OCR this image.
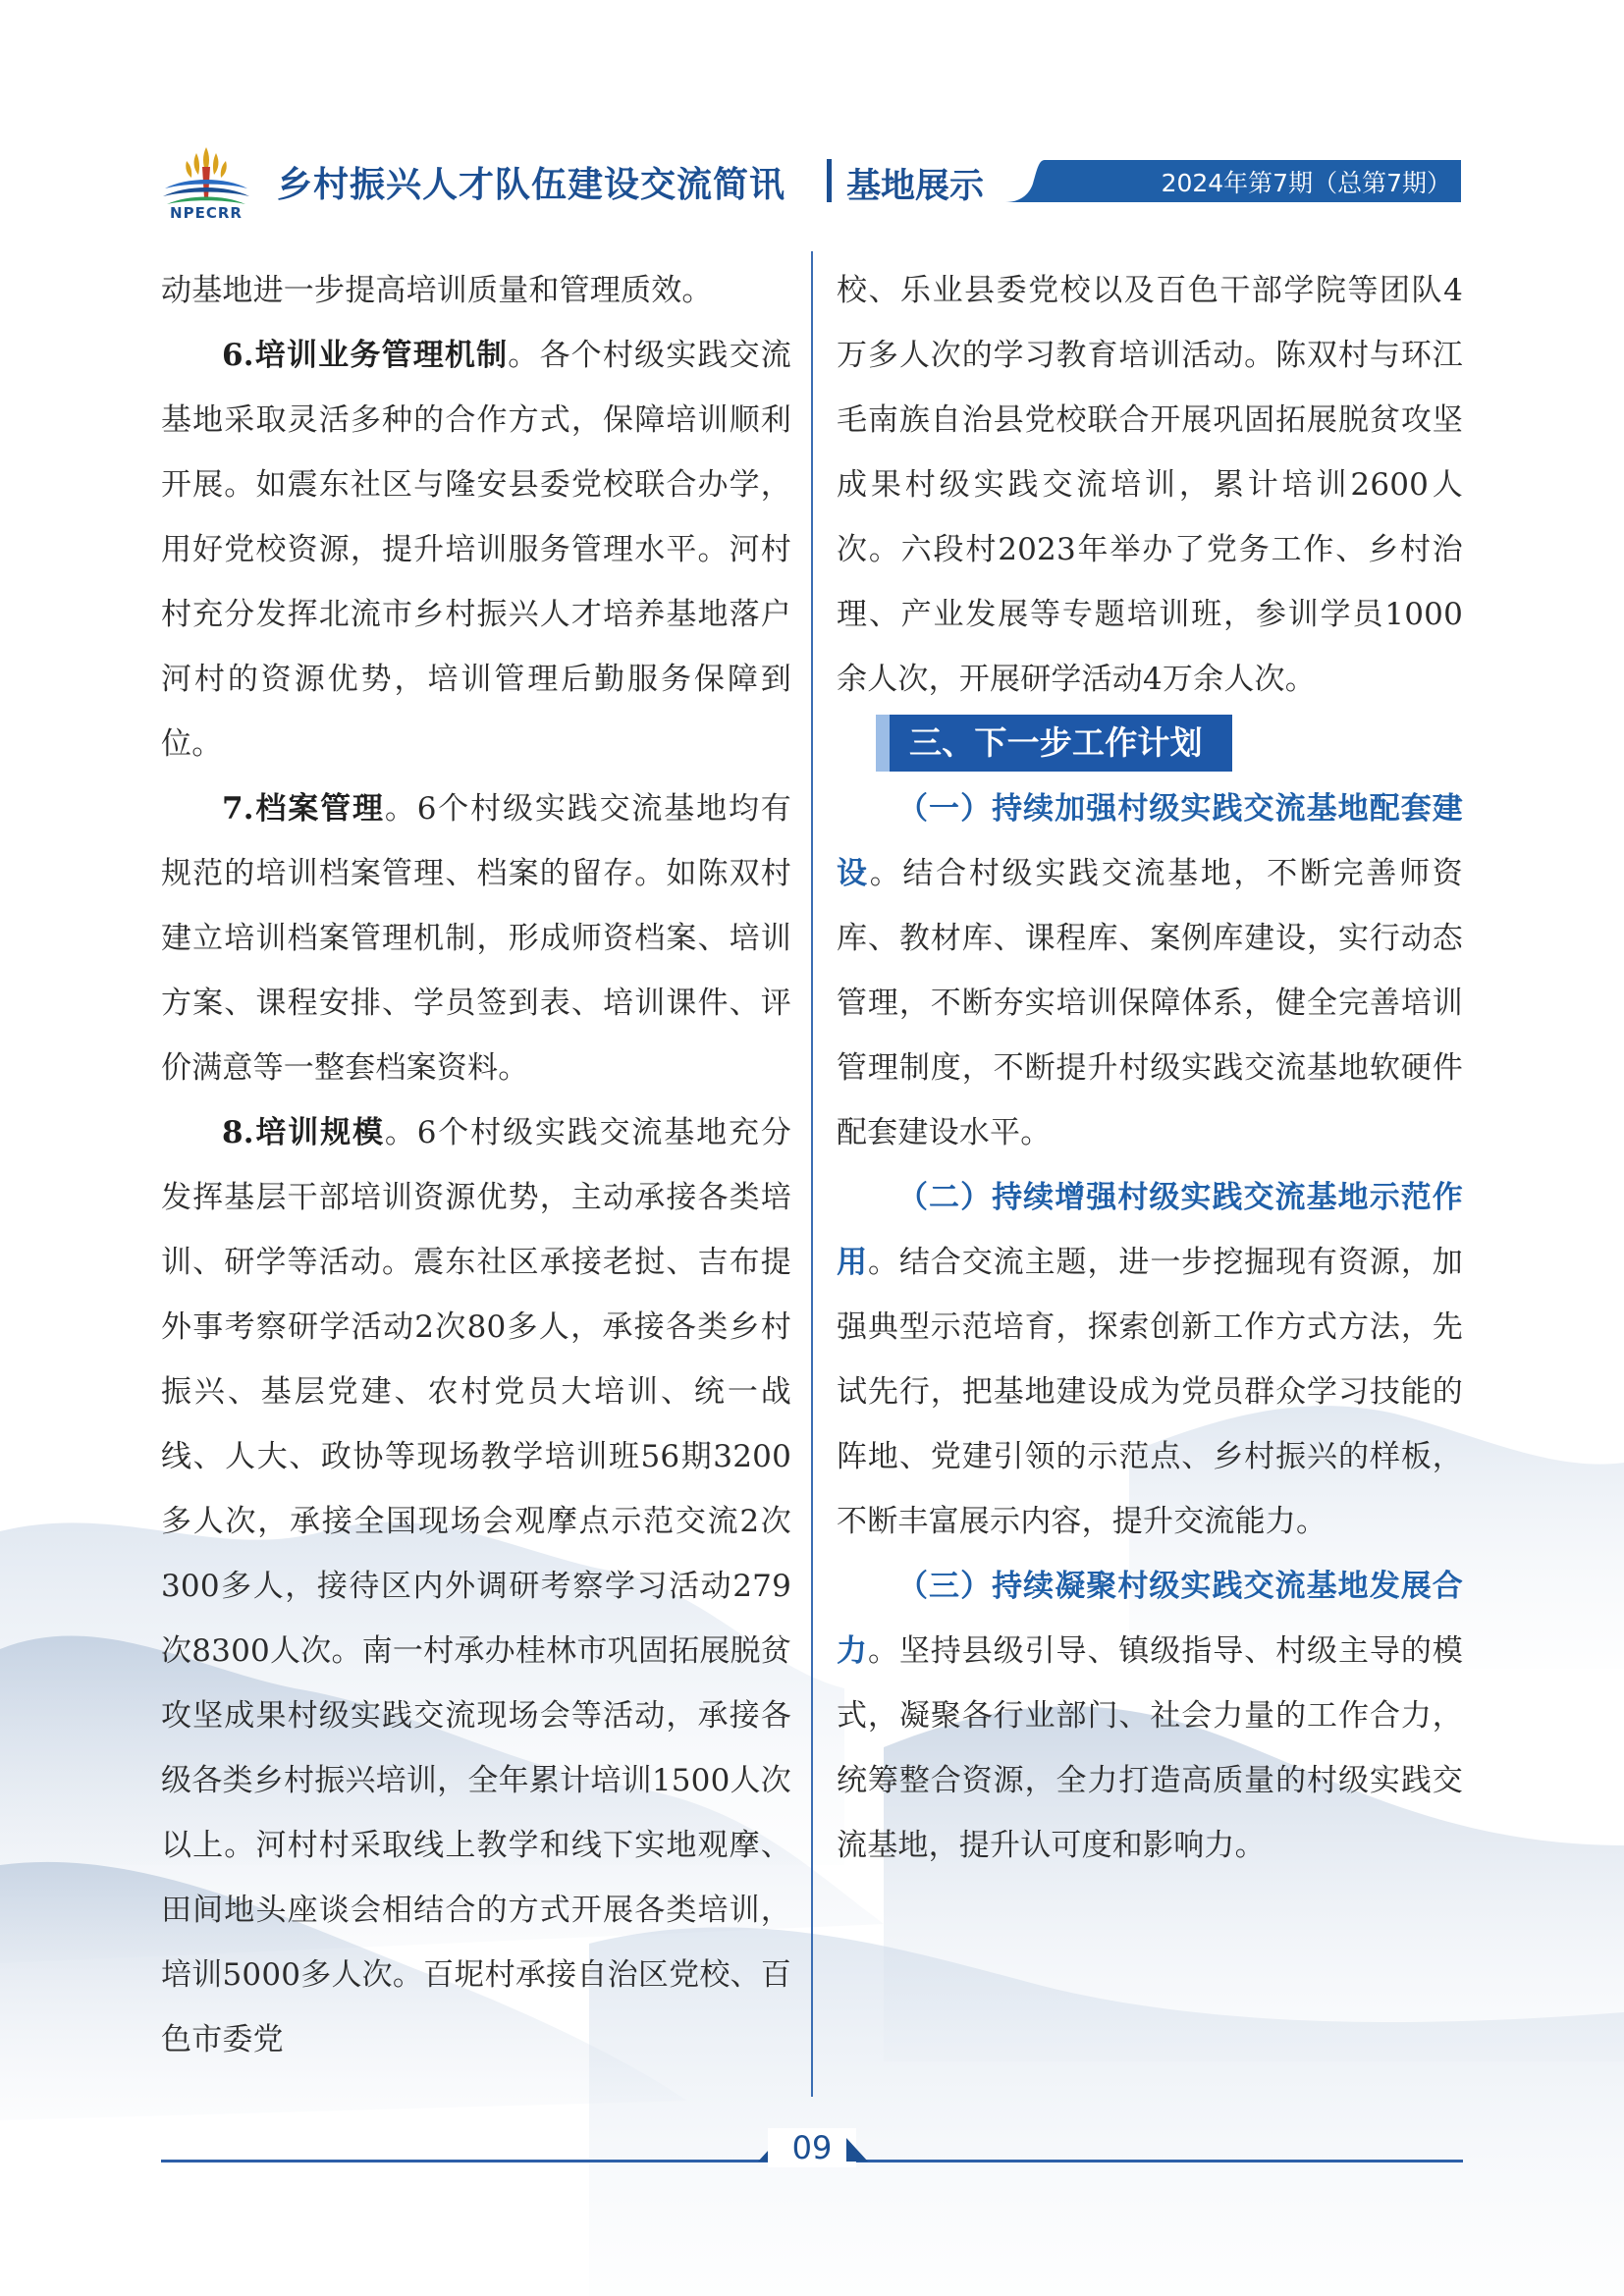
NPECRR
乡村振兴人才队伍建设交流简讯 基地展示	2024年第7期（总第7期）

动基地进一步提高培训质量和管理质效。

6.培训业务管理机制。各个村级实践交流基地采取灵活多种的合作方式，保障培训顺利开展。如震东社区与隆安县委党校联合办学，用好党校资源，提升培训服务管理水平。河村村充分发挥北流市乡村振兴人才培养基地落户河村的资源优势，培训管理后勤服务保障到位。

7.档案管理。6个村级实践交流基地均有规范的培训档案管理、档案的留存。如陈双村建立培训档案管理机制，形成师资档案、培训方案、课程安排、学员签到表、培训课件、评价满意等一整套档案资料。

8.培训规模。6个村级实践交流基地充分发挥基层干部培训资源优势，主动承接各类培训、研学等活动。震东社区承接老挝、吉布提外事考察研学活动2次80多人，承接各类乡村振兴、基层党建、农村党员大培训、统一战线、人大、政协等现场教学培训班56期3200多人次，承接全国现场会观摩点示范交流2次300多人，接待区内外调研考察学习活动279次8300人次。南一村承办桂林市巩固拓展脱贫攻坚成果村级实践交流现场会等活动，承接各级各类乡村振兴培训，全年累计培训1500人次以上。河村村采取线上教学和线下实地观摩、田间地头座谈会相结合的方式开展各类培训，培训5000多人次。百坭村承接自治区党校、百色市委党

校、乐业县委党校以及百色干部学院等团队4万多人次的学习教育培训活动。陈双村与环江毛南族自治县党校联合开展巩固拓展脱贫攻坚成果村级实践交流培训，累计培训2600人次。六段村2023年举办了党务工作、乡村治理、产业发展等专题培训班，参训学员1000余人次，开展研学活动4万余人次。

三、下一步工作计划

（一）持续加强村级实践交流基地配套建设。结合村级实践交流基地，不断完善师资库、教材库、课程库、案例库建设，实行动态管理，不断夯实培训保障体系，健全完善培训管理制度，不断提升村级实践交流基地软硬件配套建设水平。

（二）持续增强村级实践交流基地示范作用。结合交流主题，进一步挖掘现有资源，加强典型示范培育，探索创新工作方式方法，先试先行，把基地建设成为党员群众学习技能的阵地、党建引领的示范点、乡村振兴的样板，不断丰富展示内容，提升交流能力。

（三）持续凝聚村级实践交流基地发展合力。坚持县级引导、镇级指导、村级主导的模式，凝聚各行业部门、社会力量的工作合力，统筹整合资源，全力打造高质量的村级实践交流基地，提升认可度和影响力。

09
